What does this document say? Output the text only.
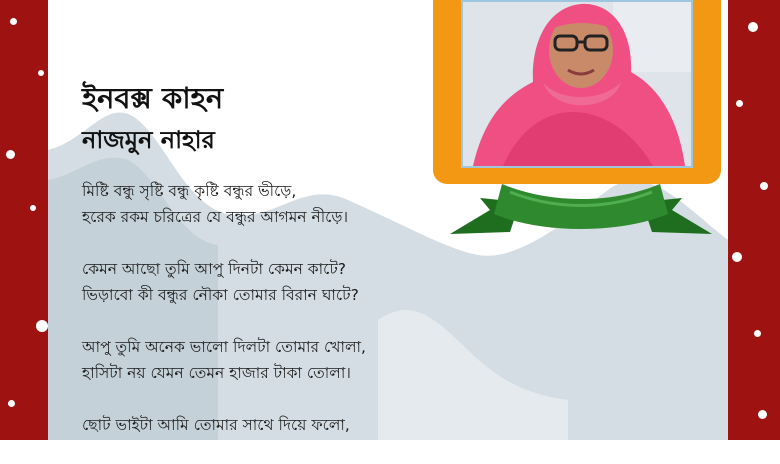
ইনবক্স কাহন
নাজমুন নাহার

মিষ্টি বন্ধু সৃষ্টি বন্ধু কৃষ্টি বন্ধুর ভীড়ে,
হরেক রকম চরিত্রের যে বন্ধুর আগমন নীড়ে।

কেমন আছো তুমি আপু দিনটা কেমন কাটে?
ভিড়াবো কী বন্ধুর নৌকা তোমার বিরান ঘাটে?

আপু তুমি অনেক ভালো দিলটা তোমার খোলা,
হাসিটা নয় যেমন তেমন হাজার টাকা তোলা।

ছোট ভাইটা আমি তোমার সাথে দিয়ে ফলো,
